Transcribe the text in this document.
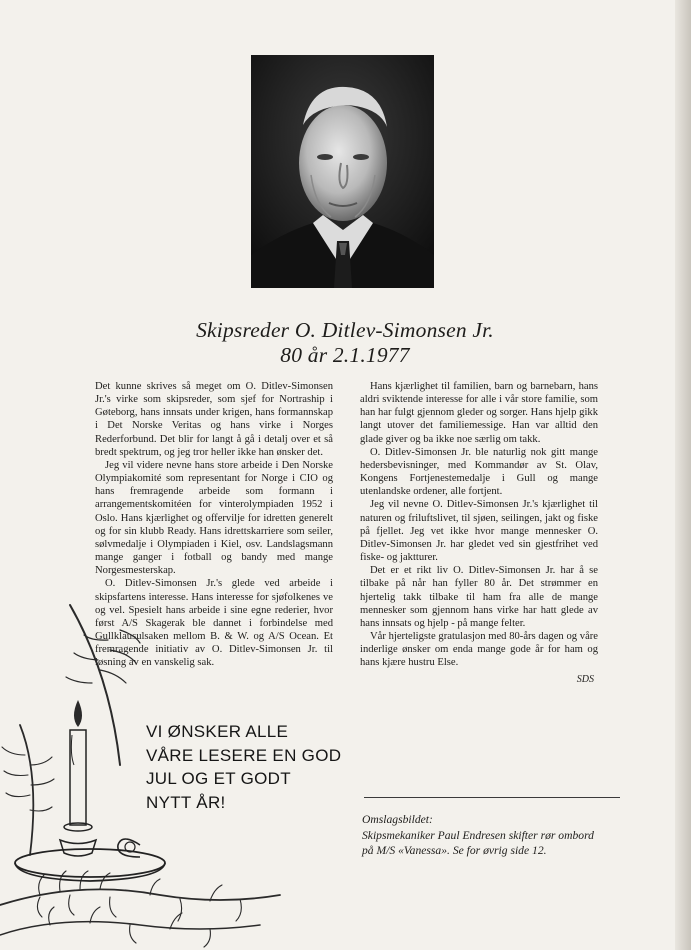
Skipsreder O. Ditlev-Simonsen Jr.
80 år 2.1.1977

Det kunne skrives så meget om O. Ditlev-Simonsen Jr.'s virke som skipsreder, som sjef for Nortraship i Gøteborg, hans innsats under krigen, hans formannskap i Det Norske Veritas og hans virke i Norges Rederforbund. Det blir for langt å gå i detalj over et så bredt spektrum, og jeg tror heller ikke han ønsker det.

Jeg vil videre nevne hans store arbeide i Den Norske Olympiakomité som representant for Norge i CIO og hans fremragende arbeide som formann i arrangementskomitéen for vinterolympiaden 1952 i Oslo. Hans kjærlighet og offervilje for idretten generelt og for sin klubb Ready. Hans idrettskarriere som seiler, sølvmedalje i Olympiaden i Kiel, osv. Landslagsmann mange ganger i fotball og bandy med mange Norgesmesterskap.

O. Ditlev-Simonsen Jr.'s glede ved arbeide i skipsfartens interesse. Hans interesse for sjøfolkenes ve og vel. Spesielt hans arbeide i sine egne rederier, hvor først A/S Skagerak ble dannet i forbindelse med Gullklausulsaken mellom B. & W. og A/S Ocean. Et fremragende initiativ av O. Ditlev-Simonsen Jr. til løsning av en vanskelig sak.

Hans kjærlighet til familien, barn og barnebarn, hans aldri sviktende interesse for alle i vår store familie, som han har fulgt gjennom gleder og sorger. Hans hjelp gikk langt utover det familiemessige. Han var alltid den glade giver og ba ikke noe særlig om takk.

O. Ditlev-Simonsen Jr. ble naturlig nok gitt mange hedersbevisninger, med Kommandør av St. Olav, Kongens Fortjenestemedalje i Gull og mange utenlandske ordener, alle fortjent.

Jeg vil nevne O. Ditlev-Simonsen Jr.'s kjærlighet til naturen og friluftslivet, til sjøen, seilingen, jakt og fiske på fjellet. Jeg vet ikke hvor mange mennesker O. Ditlev-Simonsen Jr. har gledet ved sin gjestfrihet ved fiske- og jaktturer.

Det er et rikt liv O. Ditlev-Simonsen Jr. har å se tilbake på når han fyller 80 år. Det strømmer en hjertelig takk tilbake til ham fra alle de mange mennesker som gjennom hans virke har hatt glede av hans innsats og hjelp - på mange felter.

Vår hjerteligste gratulasjon med 80-års dagen og våre inderlige ønsker om enda mange gode år for ham og hans kjære hustru Else.

SDS
VI ØNSKER ALLE
VÅRE LESERE EN GOD
JUL OG ET GODT
NYTT ÅR!
Omslagsbildet:
Skipsmekaniker Paul Endresen skifter rør ombord
på M/S «Vanessa». Se for øvrig side 12.
